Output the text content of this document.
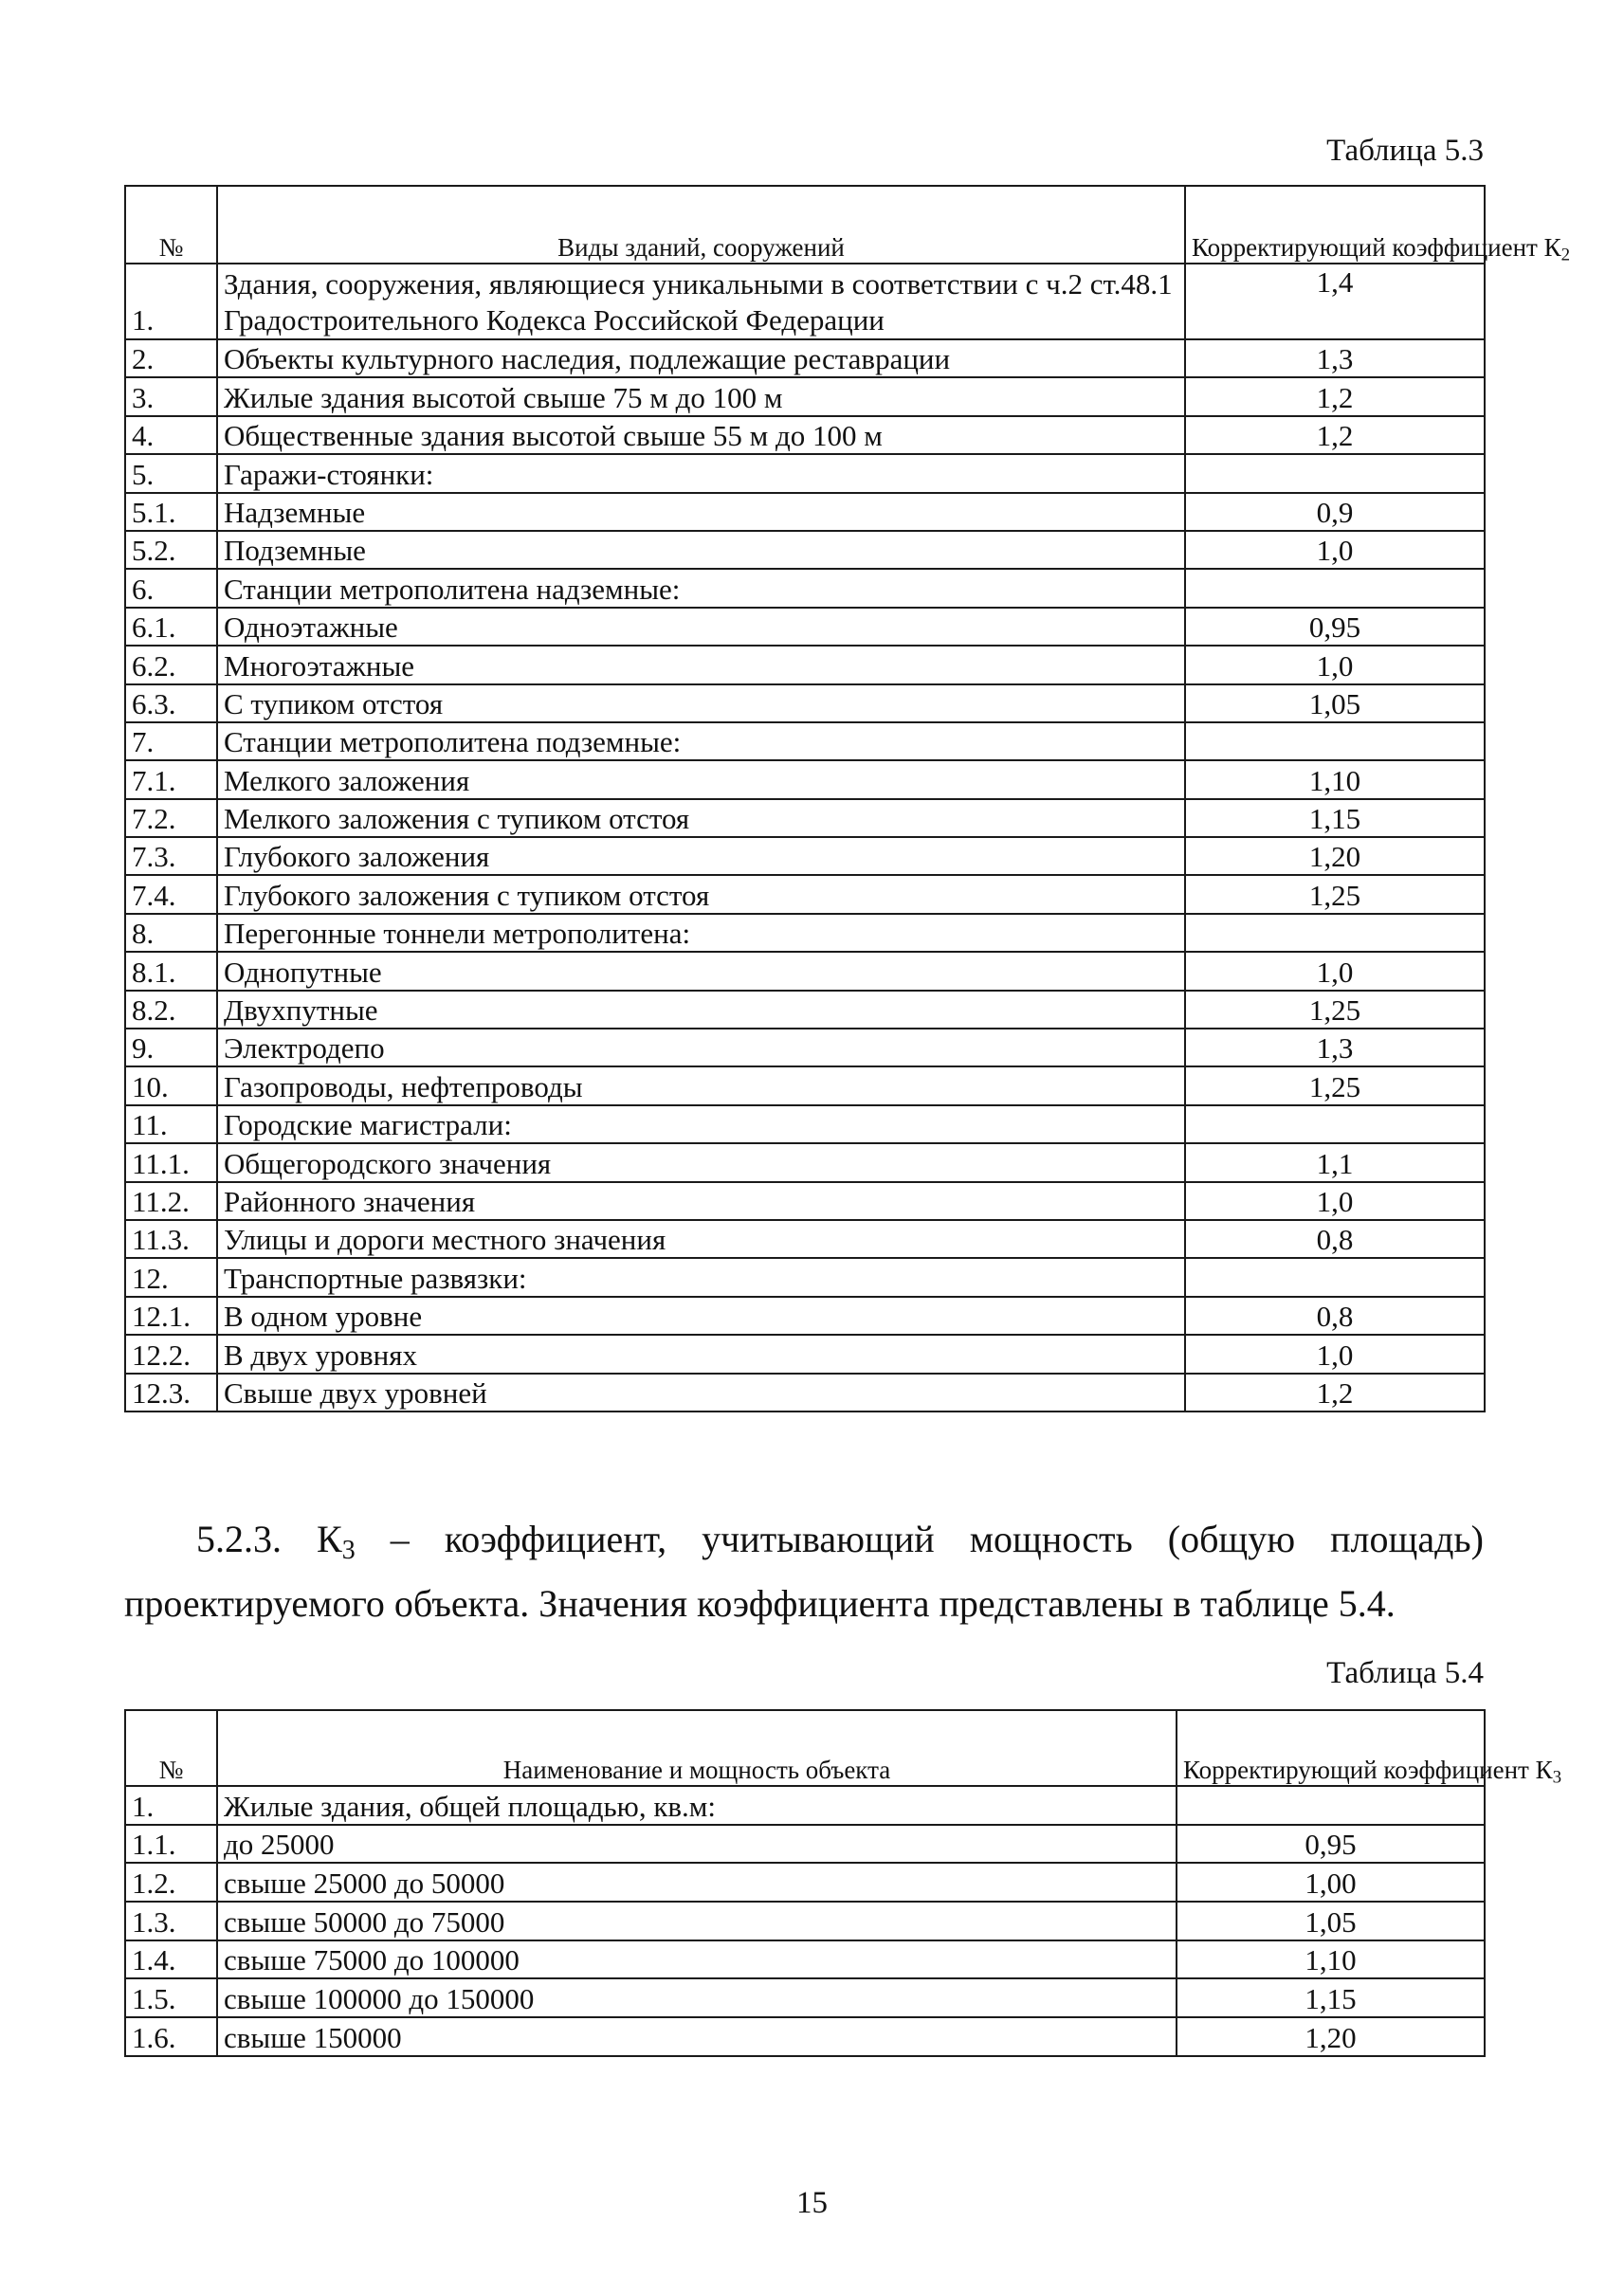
Таблица 5.3
№	Виды зданий, сооружений	Корректирующий коэффициент $К_2$
1.	Здания, сооружения, являющиеся уникальными в соответствии с ч.2 ст.48.1 Градостроительного Кодекса Российской Федерации	1,4
2.	Объекты культурного наследия, подлежащие реставрации	1,3
3.	Жилые здания высотой свыше 75 м до 100 м	1,2
4.	Общественные здания высотой свыше 55 м до 100 м	1,2
5.	Гаражи-стоянки:	
5.1.	Надземные	0,9
5.2.	Подземные	1,0
6.	Станции метрополитена надземные:	
6.1.	Одноэтажные	0,95
6.2.	Многоэтажные	1,0
6.3.	С тупиком отстоя	1,05
7.	Станции метрополитена подземные:	
7.1.	Мелкого заложения	1,10
7.2.	Мелкого заложения с тупиком отстоя	1,15
7.3.	Глубокого заложения	1,20
7.4.	Глубокого заложения с тупиком отстоя	1,25
8.	Перегонные тоннели метрополитена:	
8.1.	Однопутные	1,0
8.2.	Двухпутные	1,25
9.	Электродепо	1,3
10.	Газопроводы, нефтепроводы	1,25
11.	Городские магистрали:	
11.1.	Общегородского значения	1,1
11.2.	Районного значения	1,0
11.3.	Улицы и дороги местного значения	0,8
12.	Транспортные развязки:	
12.1.	В одном уровне	0,8
12.2.	В двух уровнях	1,0
12.3.	Свыше двух уровней	1,2
5.2.3. $К_3$ – коэффициент, учитывающий мощность (общую площадь) проектируемого объекта. Значения коэффициента представлены в таблице 5.4.
Таблица 5.4
№	Наименование и мощность объекта	Корректирующий коэффициент $К_3$
1.	Жилые здания, общей площадью, кв.м:	
1.1.	до 25000	0,95
1.2.	свыше 25000 до 50000	1,00
1.3.	свыше 50000 до 75000	1,05
1.4.	свыше 75000 до 100000	1,10
1.5.	свыше 100000 до 150000	1,15
1.6.	свыше 150000	1,20
15
